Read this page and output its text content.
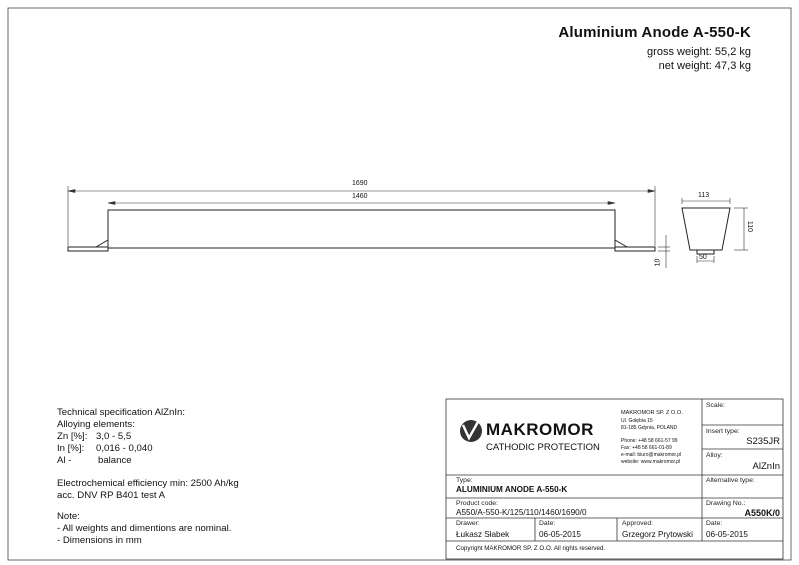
Aluminium Anode A-550-K
gross weight: 55,2 kg
net weight: 47,3 kg
1690
1460
10
113
50
110
Technical specification AlZnIn:
Alloying elements:
Zn [%]: 3,0 - 5,5
In [%]: 0,016 - 0,040
Al -	balance
Electrochemical efficiency min: 2500 Ah/kg
acc. DNV RP B401 test A
Note:
- All weights and dimentions are nominal.
- Dimensions in mm
MAKROMOR
CATHODIC PROTECTION
MAKROMOR SP. Z O.O.
Ul. Gołębia 15
81-185 Gdynia, POLAND
Phone: +48 58 661-57 99
Fax: +48 58 661-01-89
e-mail: biuro@makromor.pl
website: www.makromor.pl
Scale:
Insert type:
S235JR
Alloy:
AlZnIn
Alternative type:
Type:
ALUMINIUM ANODE A-550-K
Product code:
A550/A-550-K/125/110/1460/1690/0
Drawing No.:
A550K/0
Drawer:
Łukasz Słabek
Date:
06-05-2015
Approved:
Grzegorz Prytowski
Date:
06-05-2015
Copyright MAKROMOR SP. Z O.O. All rights reserved.
